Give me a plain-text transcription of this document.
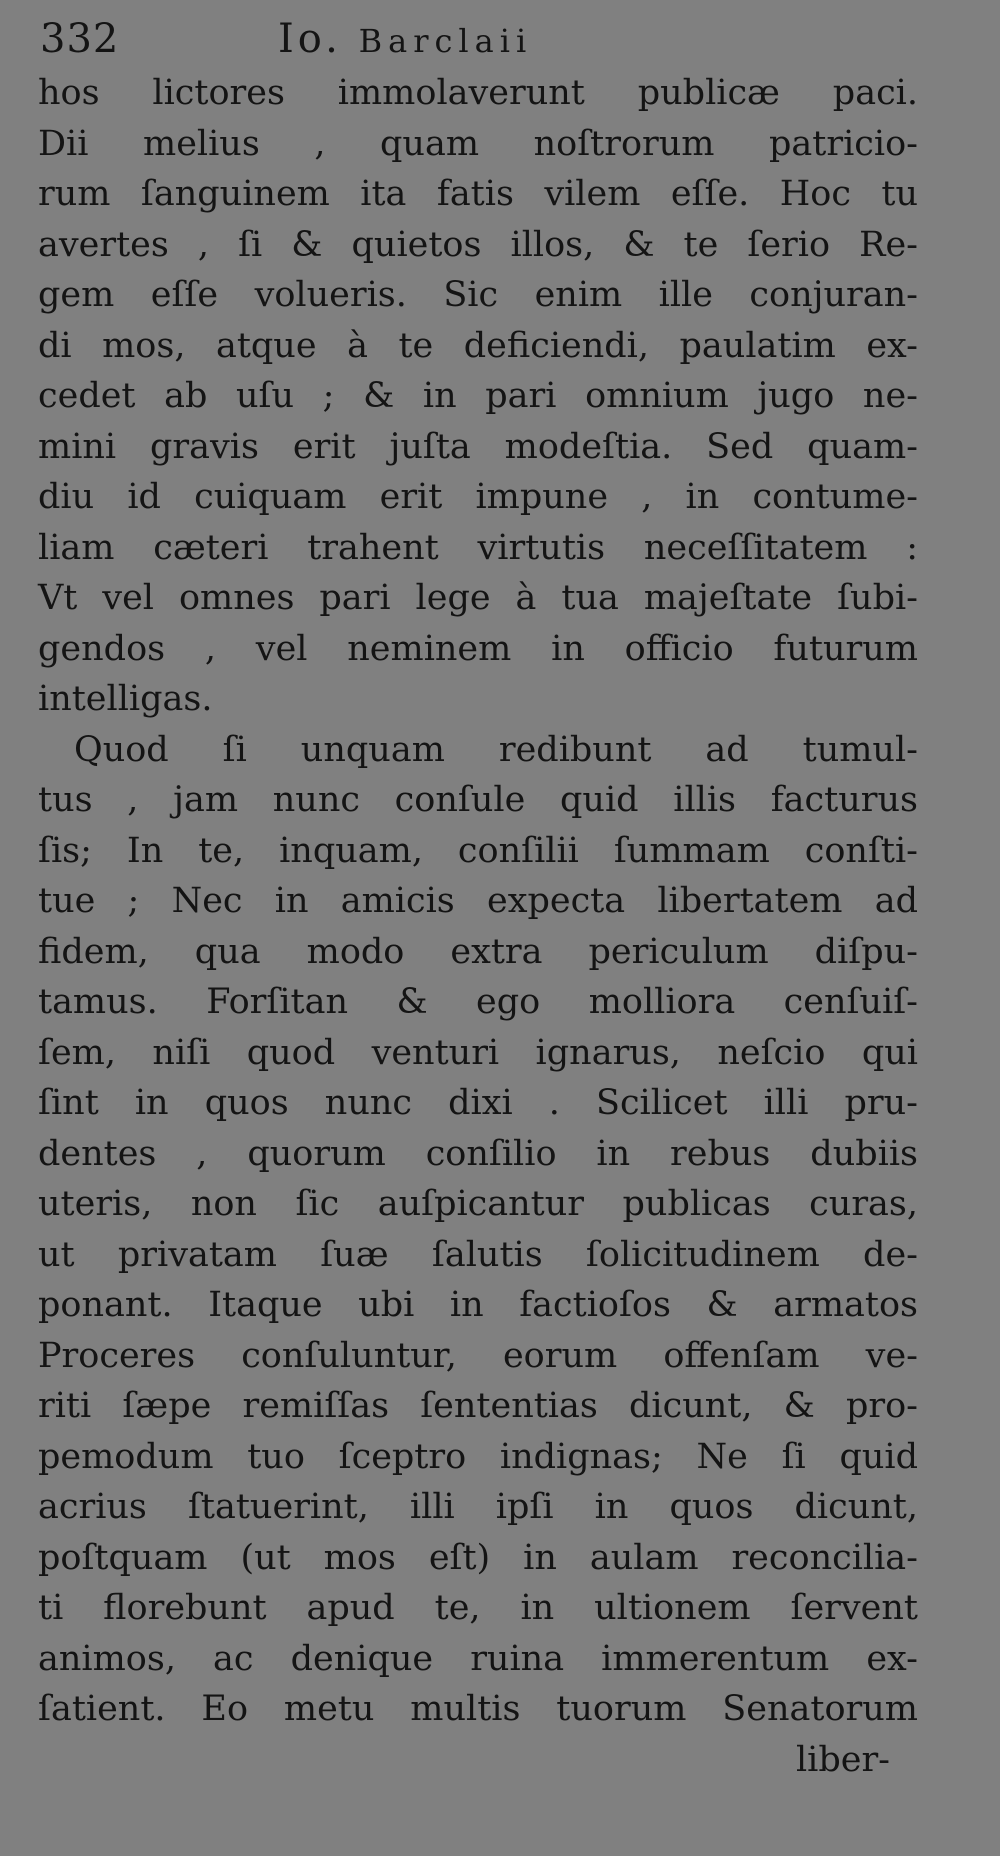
332	Io. Barclaii
hos lictores immolaverunt publicæ paci.
Dii melius , quam noſtrorum patricio-
rum ſanguinem ita fatis vilem eſſe. Hoc tu
avertes , ſi & quietos illos, & te ſerio Re-
gem eſſe volueris. Sic enim ille conjuran-
di mos, atque à te deficiendi, paulatim ex-
cedet ab uſu ; & in pari omnium jugo ne-
mini gravis erit juſta modeſtia. Sed quam-
diu id cuiquam erit impune , in contume-
liam cæteri trahent virtutis neceſſitatem :
Vt vel omnes pari lege à tua majeſtate ſubi-
gendos , vel neminem in officio futurum
intelligas.
Quod ſi unquam redibunt ad tumul-
tus , jam nunc conſule quid illis facturus
ſis; In te, inquam, conſilii ſummam conſti-
tue ; Nec in amicis expecta libertatem ad
fidem, qua modo extra periculum diſpu-
tamus. Forſitan & ego molliora cenſuiſ-
ſem, niſi quod venturi ignarus, neſcio qui
ſint in quos nunc dixi . Scilicet illi pru-
dentes , quorum conſilio in rebus dubiis
uteris, non ſic auſpicantur publicas curas,
ut privatam ſuæ ſalutis ſolicitudinem de-
ponant. Itaque ubi in factioſos & armatos
Proceres conſuluntur, eorum offenſam ve-
riti ſæpe remiſſas ſententias dicunt, & pro-
pemodum tuo ſceptro indignas; Ne ſi quid
acrius ſtatuerint, illi ipſi in quos dicunt,
poſtquam (ut mos eſt) in aulam reconcilia-
ti florebunt apud te, in ultionem ſervent
animos, ac denique ruina immerentum ex-
ſatient. Eo metu multis tuorum Senatorum
liber-
